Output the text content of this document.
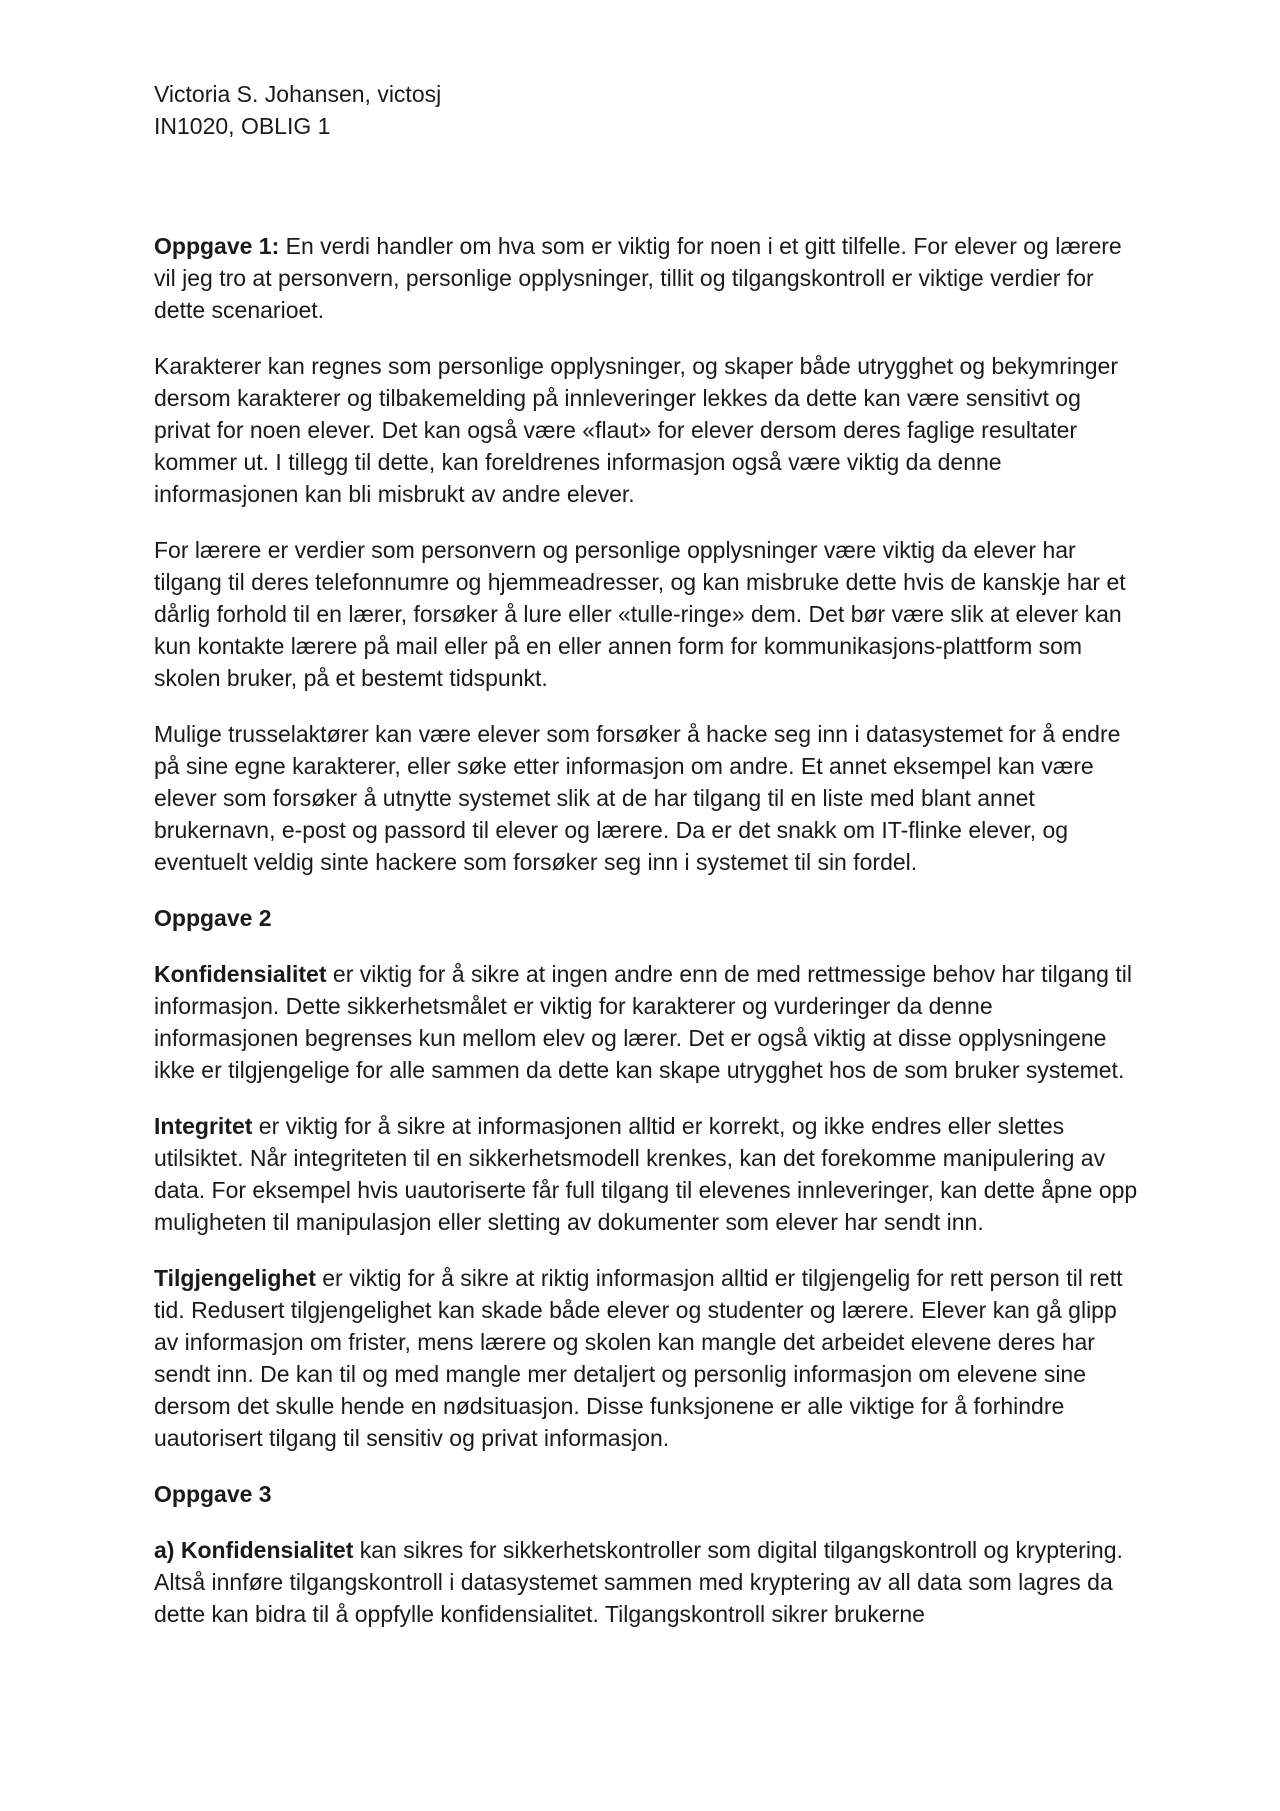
Victoria S. Johansen, victosj
IN1020, OBLIG 1

Oppgave 1: En verdi handler om hva som er viktig for noen i et gitt tilfelle. For elever og lærere vil jeg tro at personvern, personlige opplysninger, tillit og tilgangskontroll er viktige verdier for dette scenarioet.

Karakterer kan regnes som personlige opplysninger, og skaper både utrygghet og bekymringer dersom karakterer og tilbakemelding på innleveringer lekkes da dette kan være sensitivt og privat for noen elever. Det kan også være «flaut» for elever dersom deres faglige resultater kommer ut. I tillegg til dette, kan foreldrenes informasjon også være viktig da denne informasjonen kan bli misbrukt av andre elever.

For lærere er verdier som personvern og personlige opplysninger være viktig da elever har tilgang til deres telefonnumre og hjemmeadresser, og kan misbruke dette hvis de kanskje har et dårlig forhold til en lærer, forsøker å lure eller «tulle-ringe» dem. Det bør være slik at elever kan kun kontakte lærere på mail eller på en eller annen form for kommunikasjons-plattform som skolen bruker, på et bestemt tidspunkt.

Mulige trusselaktører kan være elever som forsøker å hacke seg inn i datasystemet for å endre på sine egne karakterer, eller søke etter informasjon om andre. Et annet eksempel kan være elever som forsøker å utnytte systemet slik at de har tilgang til en liste med blant annet brukernavn, e-post og passord til elever og lærere. Da er det snakk om IT-flinke elever, og eventuelt veldig sinte hackere som forsøker seg inn i systemet til sin fordel.

Oppgave 2

Konfidensialitet er viktig for å sikre at ingen andre enn de med rettmessige behov har tilgang til informasjon. Dette sikkerhetsmålet er viktig for karakterer og vurderinger da denne informasjonen begrenses kun mellom elev og lærer. Det er også viktig at disse opplysningene ikke er tilgjengelige for alle sammen da dette kan skape utrygghet hos de som bruker systemet.

Integritet er viktig for å sikre at informasjonen alltid er korrekt, og ikke endres eller slettes utilsiktet. Når integriteten til en sikkerhetsmodell krenkes, kan det forekomme manipulering av data. For eksempel hvis uautoriserte får full tilgang til elevenes innleveringer, kan dette åpne opp muligheten til manipulasjon eller sletting av dokumenter som elever har sendt inn.

Tilgjengelighet er viktig for å sikre at riktig informasjon alltid er tilgjengelig for rett person til rett tid. Redusert tilgjengelighet kan skade både elever og studenter og lærere. Elever kan gå glipp av informasjon om frister, mens lærere og skolen kan mangle det arbeidet elevene deres har sendt inn. De kan til og med mangle mer detaljert og personlig informasjon om elevene sine dersom det skulle hende en nødsituasjon. Disse funksjonene er alle viktige for å forhindre uautorisert tilgang til sensitiv og privat informasjon.

Oppgave 3

a) Konfidensialitet kan sikres for sikkerhetskontroller som digital tilgangskontroll og kryptering. Altså innføre tilgangskontroll i datasystemet sammen med kryptering av all data som lagres da dette kan bidra til å oppfylle konfidensialitet. Tilgangskontroll sikrer brukerne
